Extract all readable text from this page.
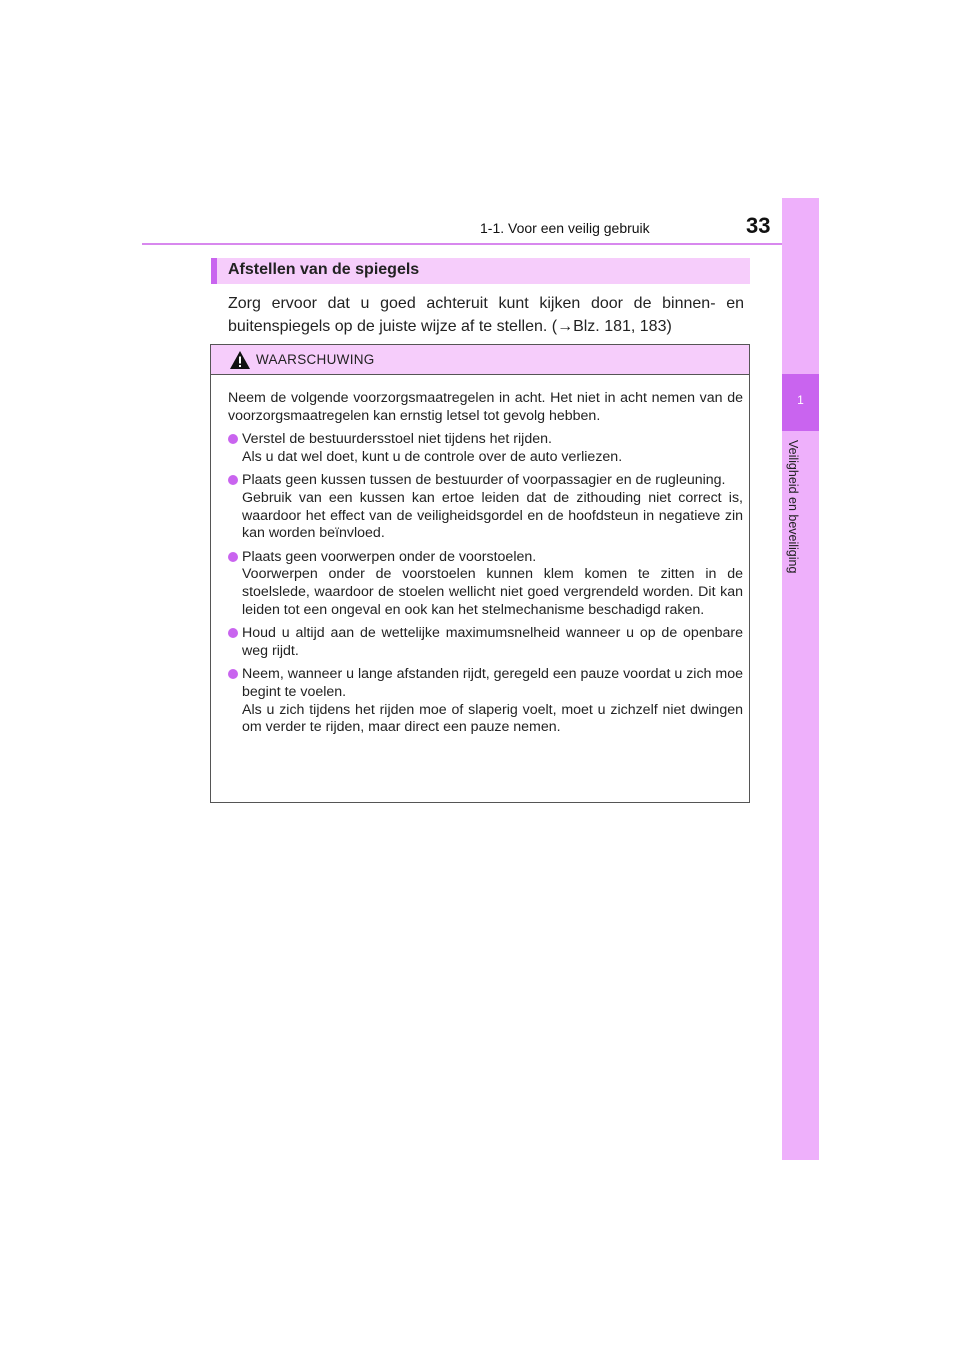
33
1-1. Voor een veilig gebruik
1
Veiligheid en beveiliging
Afstellen van de spiegels
Zorg ervoor dat u goed achteruit kunt kijken door de binnen- en buitenspiegels op de juiste wijze af te stellen. (→Blz. 181, 183)
WAARSCHUWING

Neem de volgende voorzorgsmaatregelen in acht. Het niet in acht nemen van de voorzorgsmaatregelen kan ernstig letsel tot gevolg hebben.

Verstel de bestuurdersstoel niet tijdens het rijden.
Als u dat wel doet, kunt u de controle over de auto verliezen.
Plaats geen kussen tussen de bestuurder of voorpassagier en de rugleuning.
Gebruik van een kussen kan ertoe leiden dat de zithouding niet correct is, waardoor het effect van de veiligheidsgordel en de hoofdsteun in negatieve zin kan worden beïnvloed.
Plaats geen voorwerpen onder de voorstoelen.
Voorwerpen onder de voorstoelen kunnen klem komen te zitten in de stoelslede, waardoor de stoelen wellicht niet goed vergrendeld worden. Dit kan leiden tot een ongeval en ook kan het stelmechanisme beschadigd raken.
Houd u altijd aan de wettelijke maximumsnelheid wanneer u op de openbare weg rijdt.
Neem, wanneer u lange afstanden rijdt, geregeld een pauze voordat u zich moe begint te voelen.
Als u zich tijdens het rijden moe of slaperig voelt, moet u zichzelf niet dwingen om verder te rijden, maar direct een pauze nemen.
